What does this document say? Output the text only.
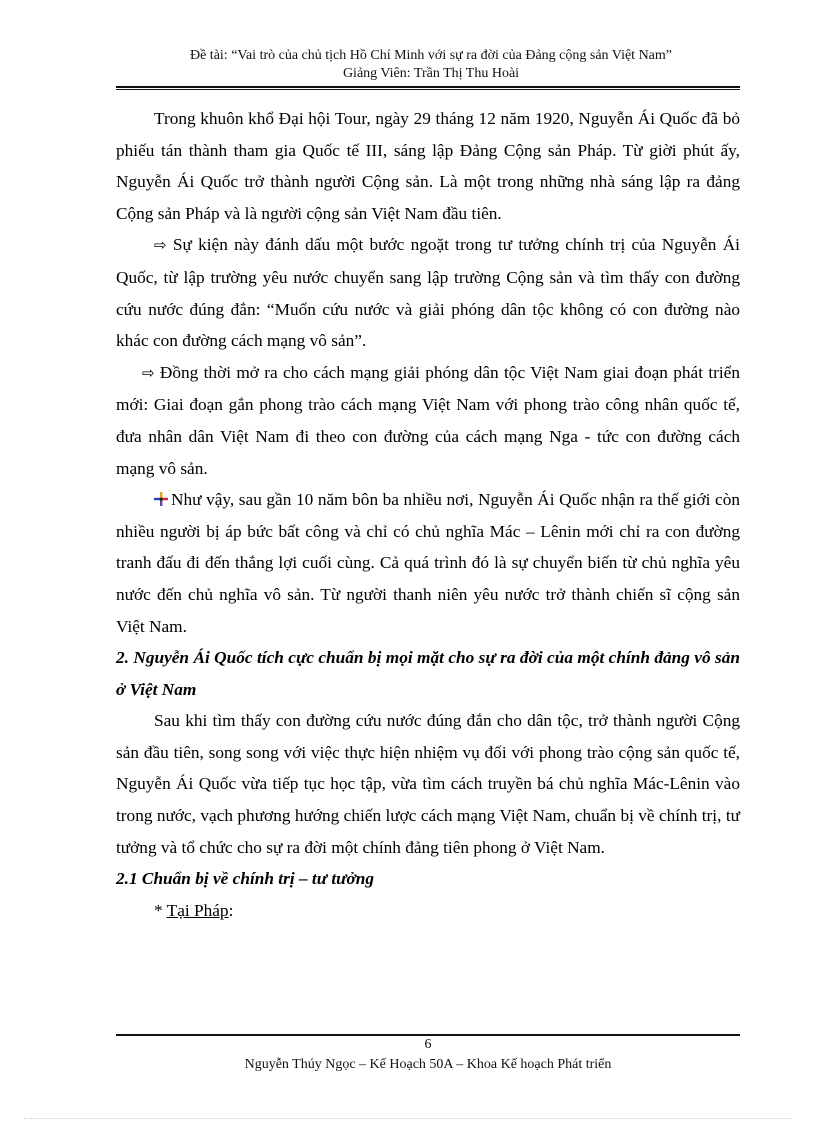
Đề tài: “Vai trò của chủ tịch Hồ Chí Minh với sự ra đời của Đảng cộng sản Việt Nam”
Giảng Viên: Trần Thị Thu Hoài

Trong khuôn khổ Đại hội Tour, ngày 29 tháng 12 năm 1920, Nguyễn Ái Quốc đã bỏ phiếu tán thành tham gia Quốc tế III, sáng lập Đảng Cộng sản Pháp. Từ giời phút ấy, Nguyễn Ái Quốc trở thành người Cộng sản. Là một trong những nhà sáng lập ra đảng Cộng sản Pháp và là người cộng sản Việt Nam đầu tiên.

⇨ Sự kiện này đánh dấu một bước ngoặt trong tư tưởng chính trị của Nguyễn Ái Quốc, từ lập trường yêu nước chuyển sang lập trường Cộng sản và tìm thấy con đường cứu nước đúng đắn: “Muốn cứu nước và giải phóng dân tộc không có con đường nào khác con đường cách mạng vô sản”.

⇨ Đồng thời mở ra cho cách mạng giải phóng dân tộc Việt Nam giai đoạn phát triển mới: Giai đoạn gắn phong trào cách mạng Việt Nam với phong trào công nhân quốc tế, đưa nhân dân Việt Nam đi theo con đường của cách mạng Nga - tức con đường cách mạng vô sản.

Như vậy, sau gần 10 năm bôn ba nhiều nơi, Nguyễn Ái Quốc nhận ra thế giới còn nhiều người bị áp bức bất công và chỉ có chủ nghĩa Mác – Lênin mới chỉ ra con đường tranh đấu đi đến thắng lợi cuối cùng. Cả quá trình đó là sự chuyển biến từ chủ nghĩa yêu nước đến chủ nghĩa vô sản. Từ người thanh niên yêu nước trở thành chiến sĩ cộng sản Việt Nam.

2. Nguyễn Ái Quốc tích cực chuẩn bị mọi mặt cho sự ra đời của một chính đảng vô sản ở Việt Nam

Sau khi tìm thấy con đường cứu nước đúng đắn cho dân tộc, trở thành người Cộng sản đầu tiên, song song với việc thực hiện nhiệm vụ đối với phong trào cộng sản quốc tế, Nguyễn Ái Quốc vừa tiếp tục học tập, vừa tìm cách truyền bá chủ nghĩa Mác-Lênin vào trong nước, vạch phương hướng chiến lược cách mạng Việt Nam, chuẩn bị về chính trị, tư tưởng và tổ chức cho sự ra đời một chính đảng tiên phong ở Việt Nam.

2.1 Chuẩn bị về chính trị – tư tưởng

* Tại Pháp:

6
Nguyễn Thúy Ngọc – Kế Hoạch 50A – Khoa Kế hoạch Phát triển
